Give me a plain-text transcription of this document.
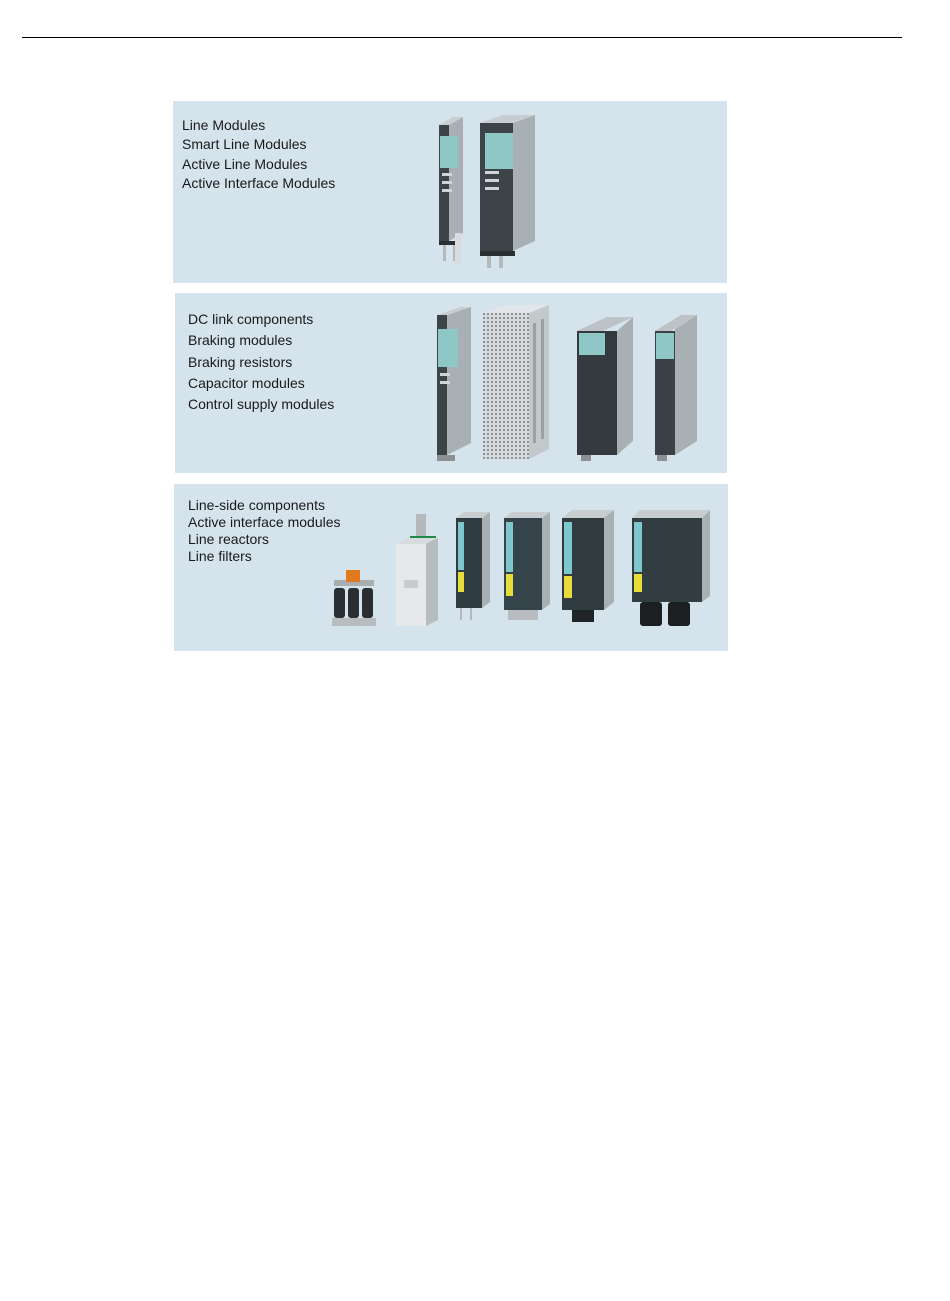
Line Modules
Smart Line Modules
Active Line Modules
Active Interface Modules
DC link components
Braking modules
Braking resistors
Capacitor modules
Control supply modules
Line-side components
Active interface modules
Line reactors
Line filters
